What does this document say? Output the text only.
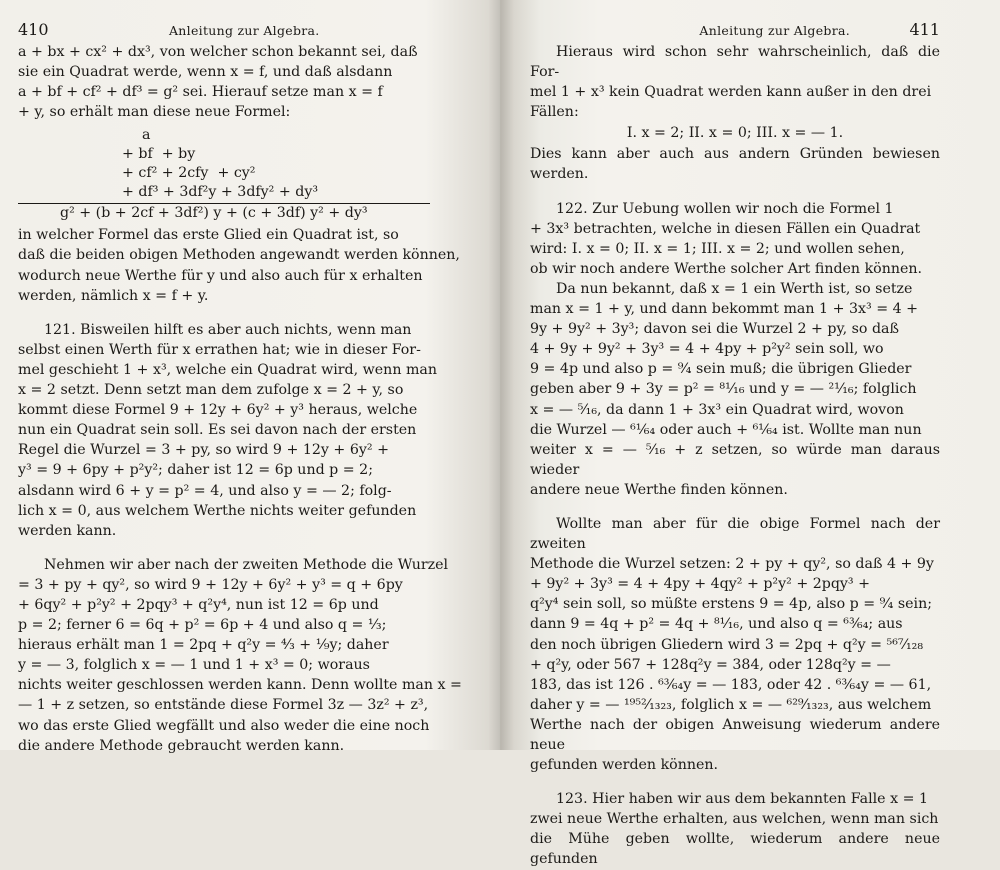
410	Anleitung zur Algebra.

a + bx + cx² + dx³, von welcher schon bekannt sei, daß

sie ein Quadrat werde, wenn x = f, und daß alsdann

a + bf + cf² + df³ = g² sei. Hierauf setze man x = f

+ y, so erhält man diese neue Formel:

a
+ bf  + by
+ cf² + 2cfy  + cy²
+ df³ + 3df²y + 3dfy² + dy³
g² + (b + 2cf + 3df²) y + (c + 3df) y² + dy³

in welcher Formel das erste Glied ein Quadrat ist, so

daß die beiden obigen Methoden angewandt werden können,

wodurch neue Werthe für y und also auch für x erhalten

werden, nämlich x = f + y.

121. Bisweilen hilft es aber auch nichts, wenn man

selbst einen Werth für x errathen hat; wie in dieser For-

mel geschieht 1 + x³, welche ein Quadrat wird, wenn man

x = 2 setzt. Denn setzt man dem zufolge x = 2 + y, so

kommt diese Formel 9 + 12y + 6y² + y³ heraus, welche

nun ein Quadrat sein soll. Es sei davon nach der ersten

Regel die Wurzel = 3 + py, so wird 9 + 12y + 6y² +

y³ = 9 + 6py + p²y²; daher ist 12 = 6p und p = 2;

alsdann wird 6 + y = p² = 4, und also y = — 2; folg-

lich x = 0, aus welchem Werthe nichts weiter gefunden

werden kann.

Nehmen wir aber nach der zweiten Methode die Wurzel

= 3 + py + qy², so wird 9 + 12y + 6y² + y³ = q + 6py

+ 6qy² + p²y² + 2pqy³ + q²y⁴, nun ist 12 = 6p und

p = 2; ferner 6 = 6q + p² = 6p + 4 und also q = ⅓;

hieraus erhält man 1 = 2pq + q²y = ⁴⁄₃ + ⅑y; daher

y = — 3, folglich x = — 1 und 1 + x³ = 0; woraus

nichts weiter geschlossen werden kann. Denn wollte man x =

— 1 + z setzen, so entstände diese Formel 3z — 3z² + z³,

wo das erste Glied wegfällt und also weder die eine noch

die andere Methode gebraucht werden kann.

Anleitung zur Algebra.	411

Hieraus wird schon sehr wahrscheinlich, daß die For-

mel 1 + x³ kein Quadrat werden kann außer in den drei

Fällen:

I. x = 2; II. x = 0; III. x = — 1.

Dies kann aber auch aus andern Gründen bewiesen werden.

122. Zur Uebung wollen wir noch die Formel 1

+ 3x³ betrachten, welche in diesen Fällen ein Quadrat

wird: I. x = 0; II. x = 1; III. x = 2; und wollen sehen,

ob wir noch andere Werthe solcher Art finden können.

Da nun bekannt, daß x = 1 ein Werth ist, so setze

man x = 1 + y, und dann bekommt man 1 + 3x³ = 4 +

9y + 9y² + 3y³; davon sei die Wurzel 2 + py, so daß

4 + 9y + 9y² + 3y³ = 4 + 4py + p²y² sein soll, wo

9 = 4p und also p = ⁹⁄₄ sein muß; die übrigen Glieder

geben aber 9 + 3y = p² = ⁸¹⁄₁₆ und y = — ²¹⁄₁₆; folglich

x = — ⁵⁄₁₆, da dann 1 + 3x³ ein Quadrat wird, wovon

die Wurzel — ⁶¹⁄₆₄ oder auch + ⁶¹⁄₆₄ ist. Wollte man nun

weiter x = — ⁵⁄₁₆ + z setzen, so würde man daraus wieder

andere neue Werthe finden können.

Wollte man aber für die obige Formel nach der zweiten

Methode die Wurzel setzen: 2 + py + qy², so daß 4 + 9y

+ 9y² + 3y³ = 4 + 4py + 4qy² + p²y² + 2pqy³ +

q²y⁴ sein soll, so müßte erstens 9 = 4p, also p = ⁹⁄₄ sein;

dann 9 = 4q + p² = 4q + ⁸¹⁄₁₆, und also q = ⁶³⁄₆₄; aus

den noch übrigen Gliedern wird 3 = 2pq + q²y = ⁵⁶⁷⁄₁₂₈

+ q²y, oder 567 + 128q²y = 384, oder 128q²y = —

183, das ist 126 . ⁶³⁄₆₄y = — 183, oder 42 . ⁶³⁄₆₄y = — 61,

daher y = — ¹⁹⁵²⁄₁₃₂₃, folglich x = — ⁶²⁹⁄₁₃₂₃, aus welchem

Werthe nach der obigen Anweisung wiederum andere neue

gefunden werden können.

123. Hier haben wir aus dem bekannten Falle x = 1

zwei neue Werthe erhalten, aus welchen, wenn man sich

die Mühe geben wollte, wiederum andere neue gefunden
